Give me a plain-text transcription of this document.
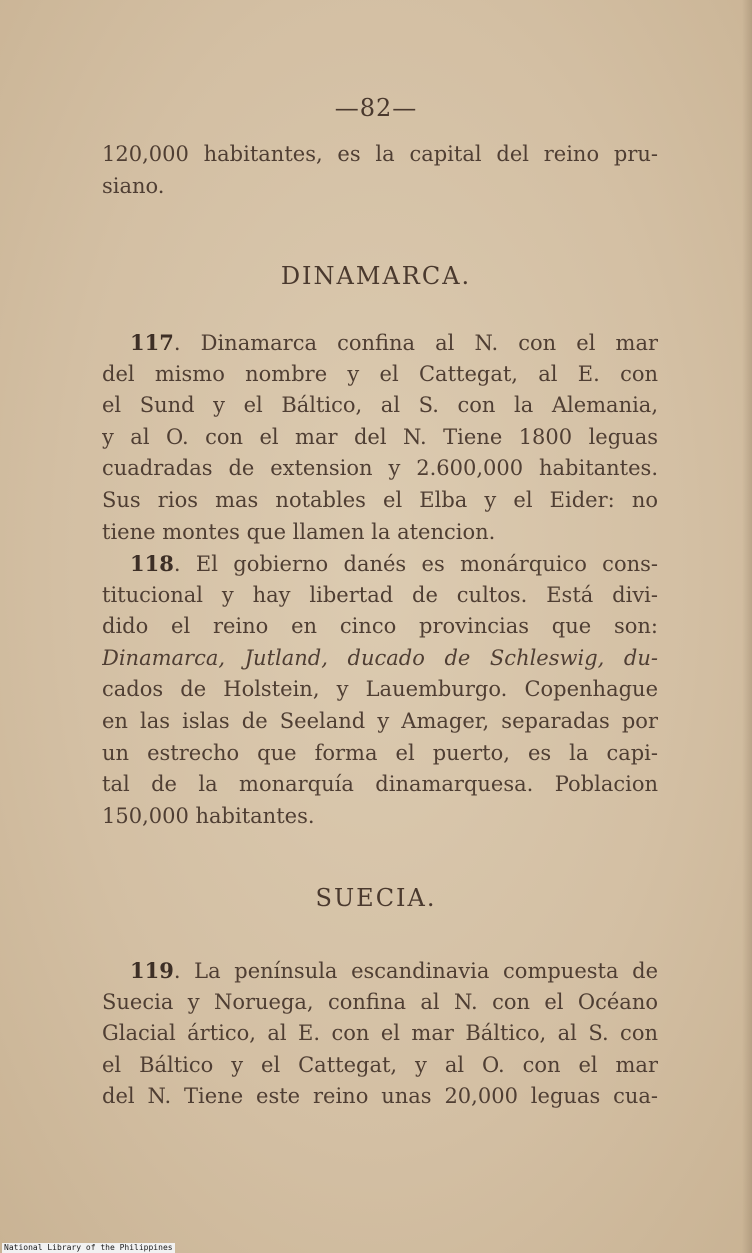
—82—
120,000 habitantes, es la capital del reino pru-
siano.
DINAMARCA.
117. Dinamarca confina al N. con el mar
del mismo nombre y el Cattegat, al E. con
el Sund y el Báltico, al S. con la Alemania,
y al O. con el mar del N. Tiene 1800 leguas
cuadradas de extension y 2.600,000 habitantes.
Sus rios mas notables el Elba y el Eider: no
tiene montes que llamen la atencion.
118. El gobierno danés es monárquico cons-
titucional y hay libertad de cultos. Está divi-
dido el reino en cinco provincias que son:
Dinamarca, Jutland, ducado de Schleswig, du-
cados de Holstein, y Lauemburgo. Copenhague
en las islas de Seeland y Amager, separadas por
un estrecho que forma el puerto, es la capi-
tal de la monarquía dinamarquesa. Poblacion
150,000 habitantes.
SUECIA.
119. La península escandinavia compuesta de
Suecia y Noruega, confina al N. con el Océano
Glacial ártico, al E. con el mar Báltico, al S. con
el Báltico y el Cattegat, y al O. con el mar
del N. Tiene este reino unas 20,000 leguas cua-
National Library of the Philippines
